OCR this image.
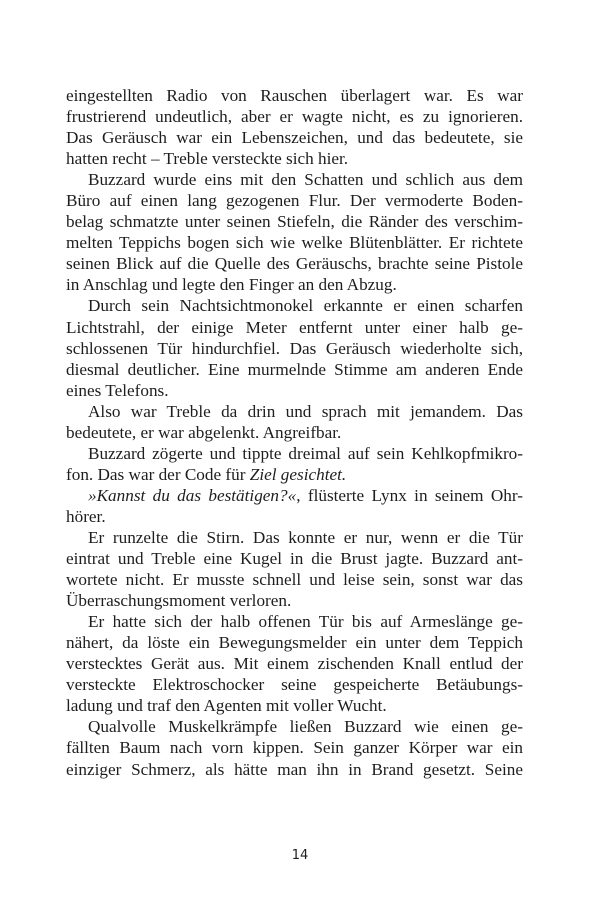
eingestellten Radio von Rauschen überlagert war. Es war
frustrierend undeutlich, aber er wagte nicht, es zu ignorieren.
Das Geräusch war ein Lebenszeichen, und das bedeutete, sie
hatten recht – Treble versteckte sich hier.

Buzzard wurde eins mit den Schatten und schlich aus dem
Büro auf einen lang gezogenen Flur. Der vermoderte Boden-
belag schmatzte unter seinen Stiefeln, die Ränder des verschim-
melten Teppichs bogen sich wie welke Blütenblätter. Er richtete
seinen Blick auf die Quelle des Geräuschs, brachte seine Pistole
in Anschlag und legte den Finger an den Abzug.

Durch sein Nachtsichtmonokel erkannte er einen scharfen
Lichtstrahl, der einige Meter entfernt unter einer halb ge-
schlossenen Tür hindurchfiel. Das Geräusch wiederholte sich,
diesmal deutlicher. Eine murmelnde Stimme am anderen Ende
eines Telefons.

Also war Treble da drin und sprach mit jemandem. Das
bedeutete, er war abgelenkt. Angreifbar.

Buzzard zögerte und tippte dreimal auf sein Kehlkopfmikro-
fon. Das war der Code für Ziel gesichtet.

»Kannst du das bestätigen?«, flüsterte Lynx in seinem Ohr-
hörer.

Er runzelte die Stirn. Das konnte er nur, wenn er die Tür
eintrat und Treble eine Kugel in die Brust jagte. Buzzard ant-
wortete nicht. Er musste schnell und leise sein, sonst war das
Überraschungsmoment verloren.

Er hatte sich der halb offenen Tür bis auf Armeslänge ge-
nähert, da löste ein Bewegungsmelder ein unter dem Teppich
verstecktes Gerät aus. Mit einem zischenden Knall entlud der
versteckte Elektroschocker seine gespeicherte Betäubungs-
ladung und traf den Agenten mit voller Wucht.

Qualvolle Muskelkrämpfe ließen Buzzard wie einen ge-
fällten Baum nach vorn kippen. Sein ganzer Körper war ein
einziger Schmerz, als hätte man ihn in Brand gesetzt. Seine

14
